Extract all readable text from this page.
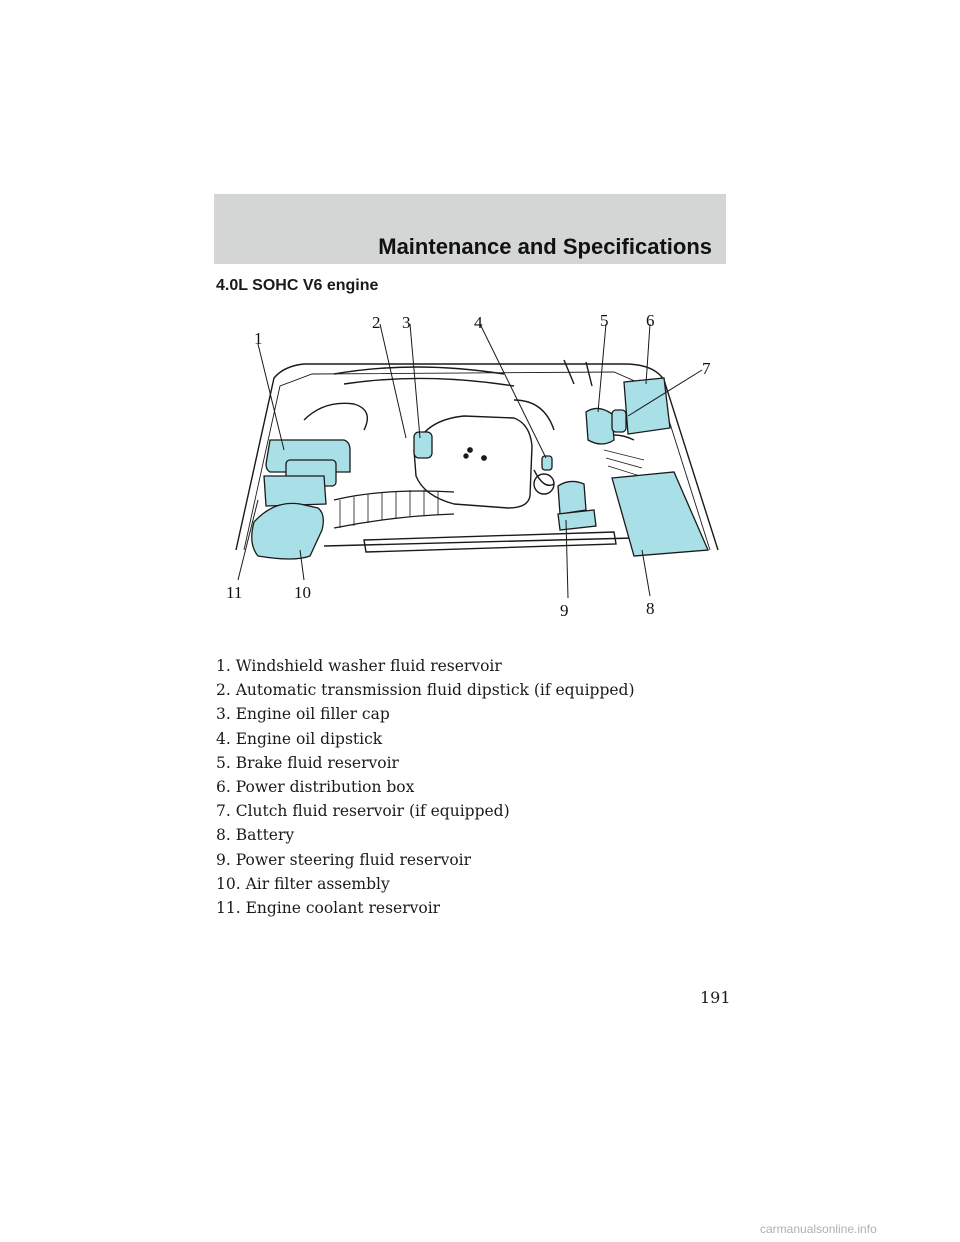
Maintenance and Specifications
4.0L SOHC V6 engine
1
2 3	4	5 6
7
8
9
10
11
1. Windshield washer fluid reservoir
2. Automatic transmission fluid dipstick (if equipped)
3. Engine oil filler cap
4. Engine oil dipstick
5. Brake fluid reservoir
6. Power distribution box
7. Clutch fluid reservoir (if equipped)
8. Battery
9. Power steering fluid reservoir
10. Air filter assembly
11. Engine coolant reservoir
191
carmanualsonline.info
